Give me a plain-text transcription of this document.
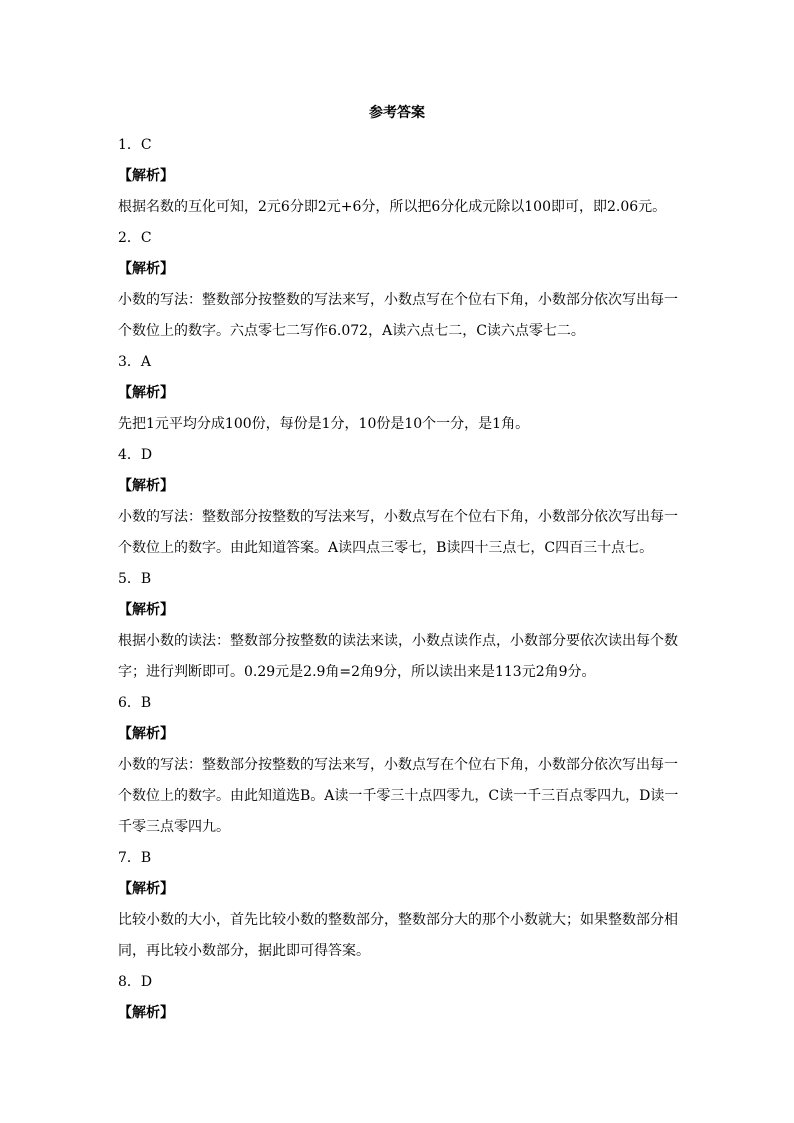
参考答案

1．C

【解析】

根据名数的互化可知，2元6分即2元+6分，所以把6分化成元除以100即可，即2.06元。

2．C

【解析】

小数的写法：整数部分按整数的写法来写，小数点写在个位右下角，小数部分依次写出每一

个数位上的数字。六点零七二写作6.072，A读六点七二，C读六点零七二。

3．A

【解析】

先把1元平均分成100份，每份是1分，10份是10个一分，是1角。

4．D

【解析】

小数的写法：整数部分按整数的写法来写，小数点写在个位右下角，小数部分依次写出每一

个数位上的数字。由此知道答案。A读四点三零七，B读四十三点七，C四百三十点七。

5．B

【解析】

根据小数的读法：整数部分按整数的读法来读，小数点读作点，小数部分要依次读出每个数

字；进行判断即可。0.29元是2.9角=2角9分，所以读出来是113元2角9分。

6．B

【解析】

小数的写法：整数部分按整数的写法来写，小数点写在个位右下角，小数部分依次写出每一

个数位上的数字。由此知道选B。A读一千零三十点四零九，C读一千三百点零四九，D读一

千零三点零四九。

7．B

【解析】

比较小数的大小，首先比较小数的整数部分，整数部分大的那个小数就大；如果整数部分相

同，再比较小数部分，据此即可得答案。

8．D

【解析】
